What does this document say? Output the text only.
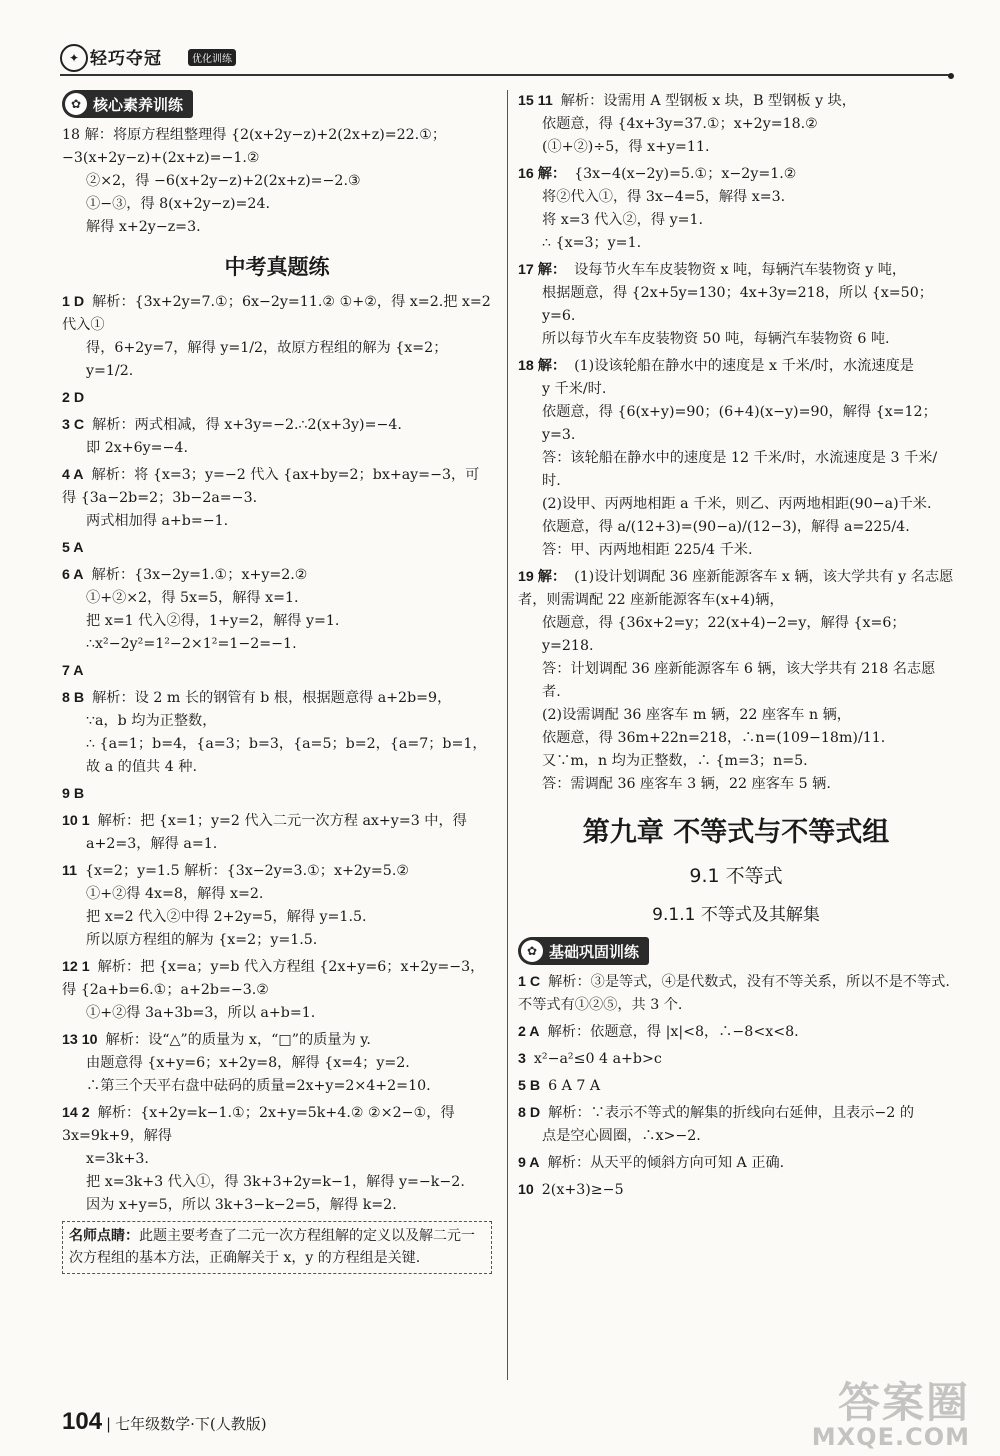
✦ 轻巧夺冠	优化训练
✿ 核心素养训练
18 解：将原方程组整理得 {2(x+2y−z)+2(2x+z)=22.①；−3(x+2y−z)+(2x+z)=−1.②
②×2，得 −6(x+2y−z)+2(2x+z)=−2.③
①−③，得 8(x+2y−z)=24.
解得 x+2y−z=3.
中考真题练
1 D 解析：{3x+2y=7.①；6x−2y=11.② ①+②，得 x=2.把 x=2 代入①
得，6+2y=7，解得 y=1/2，故原方程组的解为 {x=2；y=1/2.
2 D
3 C 解析：两式相减，得 x+3y=−2.∴2(x+3y)=−4.
即 2x+6y=−4.
4 A 解析：将 {x=3；y=−2 代入 {ax+by=2；bx+ay=−3，可得 {3a−2b=2；3b−2a=−3.
两式相加得 a+b=−1.
5 A
6 A 解析：{3x−2y=1.①；x+y=2.②
①+②×2，得 5x=5，解得 x=1.
把 x=1 代入②得，1+y=2，解得 y=1.
∴x²−2y²=1²−2×1²=1−2=−1.
7 A
8 B 解析：设 2 m 长的钢管有 b 根，根据题意得 a+2b=9，
∵a，b 均为正整数，
∴ {a=1；b=4，{a=3；b=3，{a=5；b=2，{a=7；b=1，故 a 的值共 4 种.
9 B
10 1 解析：把 {x=1；y=2 代入二元一次方程 ax+y=3 中，得
a+2=3，解得 a=1.
11 {x=2；y=1.5 解析：{3x−2y=3.①；x+2y=5.②
①+②得 4x=8，解得 x=2.
把 x=2 代入②中得 2+2y=5，解得 y=1.5.
所以原方程组的解为 {x=2；y=1.5.
12 1 解析：把 {x=a；y=b 代入方程组 {2x+y=6；x+2y=−3，得 {2a+b=6.①；a+2b=−3.②
①+②得 3a+3b=3，所以 a+b=1.
13 10 解析：设“△”的质量为 x，“□”的质量为 y.
由题意得 {x+y=6；x+2y=8，解得 {x=4；y=2.
∴第三个天平右盘中砝码的质量=2x+y=2×4+2=10.
14 2 解析：{x+2y=k−1.①；2x+y=5k+4.② ②×2−①，得 3x=9k+9，解得
x=3k+3.
把 x=3k+3 代入①，得 3k+3+2y=k−1，解得 y=−k−2.
因为 x+y=5，所以 3k+3−k−2=5，解得 k=2.
名师点睛：此题主要考查了二元一次方程组解的定义以及解二元一次方程组的基本方法，正确解关于 x，y 的方程组是关键.
15 11 解析：设需用 A 型钢板 x 块，B 型钢板 y 块，
依题意，得 {4x+3y=37.①；x+2y=18.②
(①+②)÷5，得 x+y=11.
16 解： {3x−4(x−2y)=5.①；x−2y=1.②
将②代入①，得 3x−4=5，解得 x=3.
将 x=3 代入②，得 y=1.
∴ {x=3；y=1.
17 解： 设每节火车车皮装物资 x 吨，每辆汽车装物资 y 吨，
根据题意，得 {2x+5y=130；4x+3y=218，所以 {x=50；y=6.
所以每节火车车皮装物资 50 吨，每辆汽车装物资 6 吨.
18 解： (1)设该轮船在静水中的速度是 x 千米/时，水流速度是
y 千米/时.
依题意，得 {6(x+y)=90；(6+4)(x−y)=90，解得 {x=12；y=3.
答：该轮船在静水中的速度是 12 千米/时，水流速度是 3 千米/时.
(2)设甲、丙两地相距 a 千米，则乙、丙两地相距(90−a)千米.
依题意，得 a/(12+3)=(90−a)/(12−3)，解得 a=225/4.
答：甲、丙两地相距 225/4 千米.
19 解： (1)设计划调配 36 座新能源客车 x 辆，该大学共有 y 名志愿者，则需调配 22 座新能源客车(x+4)辆，
依题意，得 {36x+2=y；22(x+4)−2=y，解得 {x=6；y=218.
答：计划调配 36 座新能源客车 6 辆，该大学共有 218 名志愿者.
(2)设需调配 36 座客车 m 辆，22 座客车 n 辆，
依题意，得 36m+22n=218，∴n=(109−18m)/11.
又∵m，n 均为正整数，∴ {m=3；n=5.
答：需调配 36 座客车 3 辆，22 座客车 5 辆.
第九章 不等式与不等式组
9.1 不等式
9.1.1 不等式及其解集
✿ 基础巩固训练
1 C 解析：③是等式，④是代数式，没有不等关系，所以不是不等式. 不等式有①②⑤，共 3 个.
2 A 解析：依题意，得 |x|<8，∴−8<x<8.
3 x²−a²≤0 4 a+b>c
5 B 6 A 7 A
8 D 解析：∵表示不等式的解集的折线向右延伸，且表示−2 的
点是空心圆圈，∴x>−2.
9 A 解析：从天平的倾斜方向可知 A 正确.
10 2(x+3)≥−5
104 | 七年级数学·下(人教版)	答案圈
MXQE.COM
